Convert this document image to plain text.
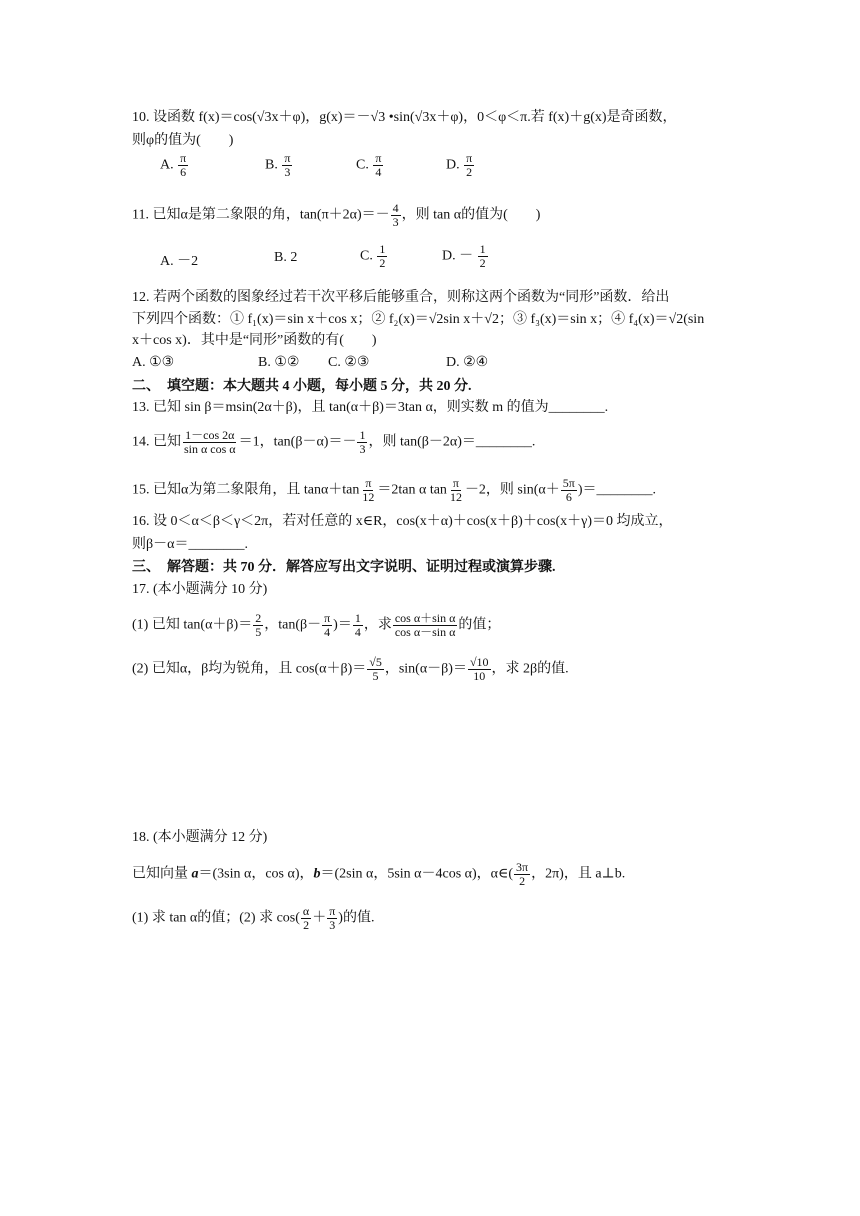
10. 设函数 f(x)＝cos(√3x＋φ)，g(x)＝－√3 •sin(√3x＋φ)，0＜φ＜π.若 f(x)＋g(x)是奇函数，
则φ的值为(　　)
A. $\frac{\pi}{6}$	B. $\frac{\pi}{3}$	C. $\frac{\pi}{4}$	D. $\frac{\pi}{2}$
11. 已知α是第二象限的角，$\tan(\pi+2\alpha)=- \frac{4}{3}$ ，则 tan α的值为(　　)
A. －2	B. 2	C. $\frac{1}{2}$	D. － $\frac{1}{2}$
12. 若两个函数的图象经过若干次平移后能够重合，则称这两个函数为“同形”函数．给出
下列四个函数：① f₁(x)＝sin x＋cos x；② f₂(x)＝√2sin x＋√2；③ f₃(x)＝sin x；④ f₄(x)＝√2(sin
x＋cos x)．其中是“同形”函数的有(　　)
A. ①③	B. ①② C. ②③	D. ②④
二、　填空题：本大题共 4 小题，每小题 5 分，共 20 分.
13. 已知 sin β＝msin(2α＋β)，且 tan(α＋β)＝3tan α，则实数 m 的值为________.
14. 已知 $\frac{1-\cos 2\alpha}{\text{sin α cos α}} =1$，$\tan(\beta-\alpha)=- \frac{1}{3}$ ，则 tan(β－2α)＝________.
15. 已知α为第二象限角，且 $\tan\alpha+\tan \frac{\pi}{12} =2\tan$ α $\tan \frac{\pi}{12} -2$，则 $\sin(\alpha+ \frac{5\pi}{6}$ )＝________.
16. 设 0＜α＜β＜γ＜2π，若对任意的 x∈R，cos(x＋α)＋cos(x＋β)＋cos(x＋γ)＝0 均成立，
则β－α＝________.
三、　解答题：共 70 分．解答应写出文字说明、证明过程或演算步骤.
17. (本小题满分 10 分)
(1) 已知 $\tan(\alpha+\beta)= \frac{2}{5}$ ，$\tan(\beta- \frac{\pi}{4}$ )＝ $\frac{1}{4}$ ，求 $\frac{\text{cos α＋sin α}}{\text{cos α－sin α}}$ 的值；
(2) 已知α，β均为锐角，且 $\cos(\alpha+\beta)= \frac{√5}{5}$ ，$\sin(\alpha-\beta)= \frac{√10}{10}$ ，求 2β的值.
18. (本小题满分 12 分)
已知向量 a＝(3sin α，cos α)，b＝(2sin α，5sin α－4cos α)，α∈( $\frac{3\pi}{2}$ ，2π)，且 a⊥b.
(1) 求 tan α的值；(2) 求 $\cos( \frac{\alpha}{2} + \frac{\pi}{3}$ )的值.
